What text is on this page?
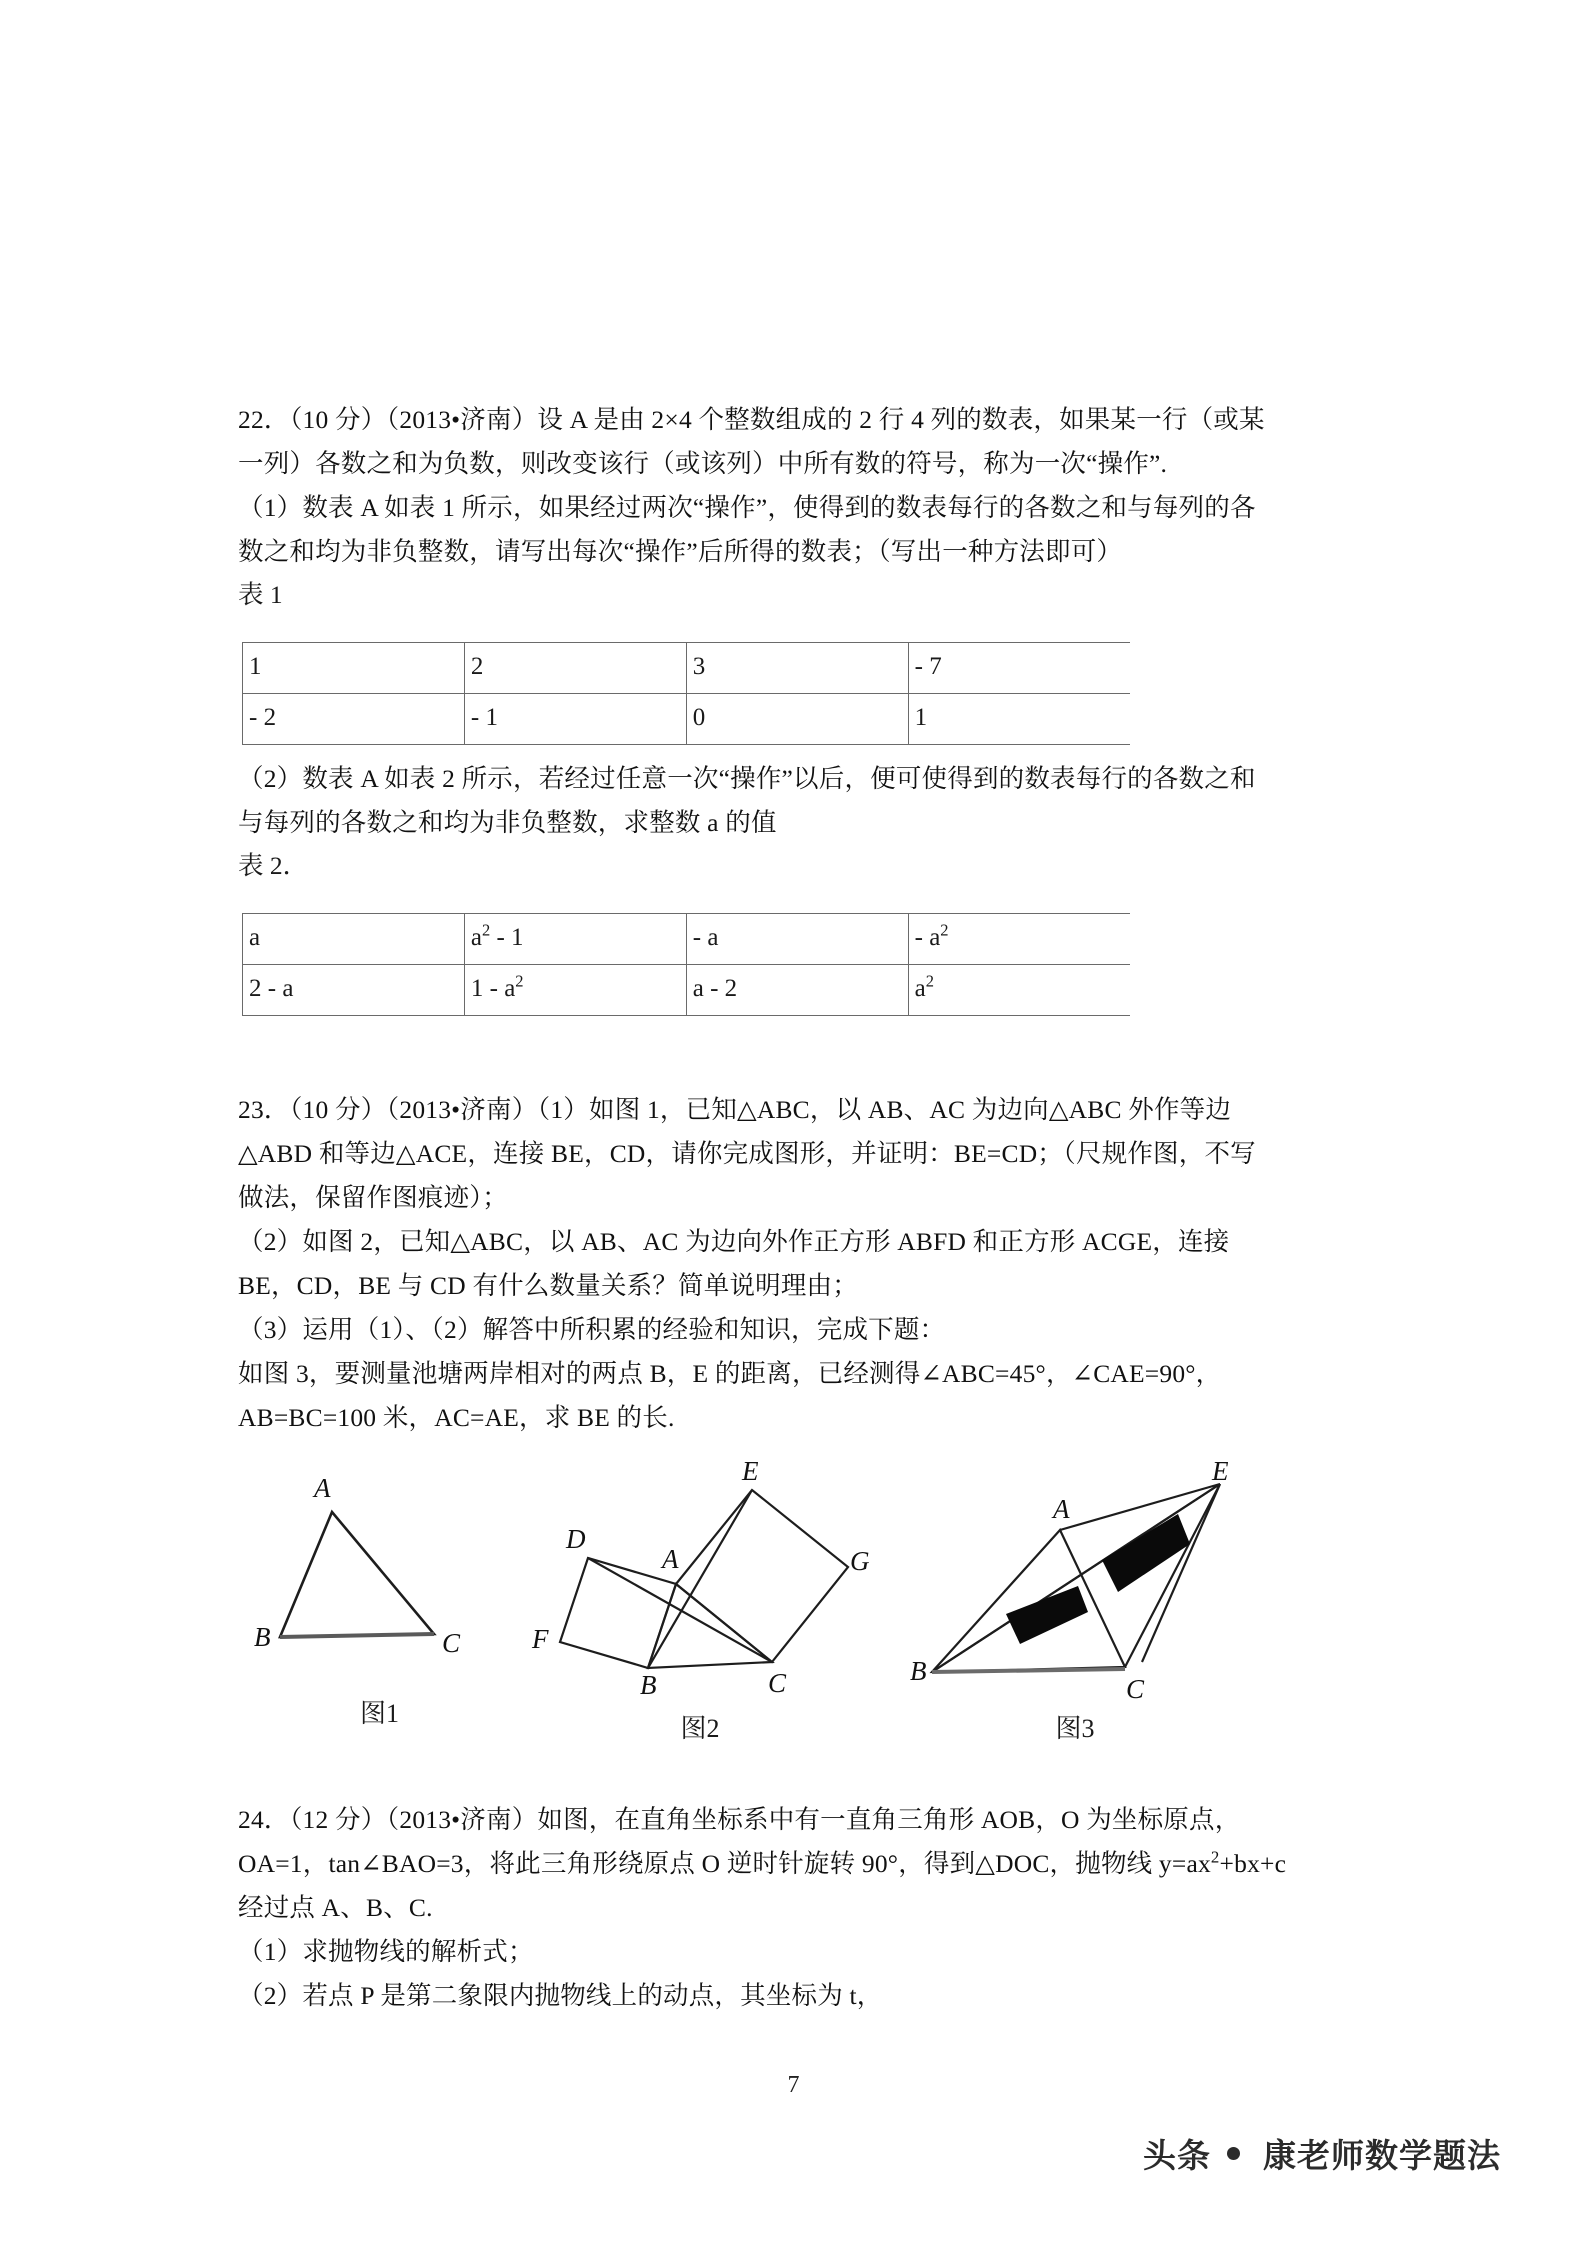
22．（10 分）（2013•济南）设 A 是由 2×4 个整数组成的 2 行 4 列的数表，如果某一行（或某

一列）各数之和为负数，则改变该行（或该列）中所有数的符号，称为一次“操作”.

（1）数表 A 如表 1 所示，如果经过两次“操作”，使得到的数表每行的各数之和与每列的各

数之和均为非负整数，请写出每次“操作”后所得的数表；（写出一种方法即可）

表 1

1	2	3	- 7
- 2	- 1	0	1

（2）数表 A 如表 2 所示，若经过任意一次“操作”以后，便可使得到的数表每行的各数之和

与每列的各数之和均为非负整数，求整数 a 的值

表 2．

a	$a^2 - 1$	- a	- $a^2$
2 - a	$1 - a^2$	a - 2	$a^2$

23．（10 分）（2013•济南）（1）如图 1，已知△ABC，以 AB、AC 为边向△ABC 外作等边

△ABD 和等边△ACE，连接 BE，CD，请你完成图形，并证明：BE=CD；（尺规作图，不写

做法，保留作图痕迹）；

（2）如图 2，已知△ABC，以 AB、AC 为边向外作正方形 ABFD 和正方形 ACGE，连接

BE，CD，BE 与 CD 有什么数量关系？简单说明理由；

（3）运用（1）、（2）解答中所积累的经验和知识，完成下题：

如图 3，要测量池塘两岸相对的两点 B，E 的距离，已经测得∠ABC=45°，∠CAE=90°，

AB=BC=100 米，AC=AE，求 BE 的长.

A
B	C
图1
E
D
A	G
F
B	C
图2
E
A
B
C
图3

24．（12 分）（2013•济南）如图，在直角坐标系中有一直角三角形 AOB，O 为坐标原点，

OA=1，tan∠BAO=3，将此三角形绕原点 O 逆时针旋转 90°，得到△DOC，抛物线 $y=ax^2+bx+c$

经过点 A、B、C.

（1）求抛物线的解析式；

（2）若点 P 是第二象限内抛物线上的动点，其坐标为 t，

7
头条 康老师数学题法
